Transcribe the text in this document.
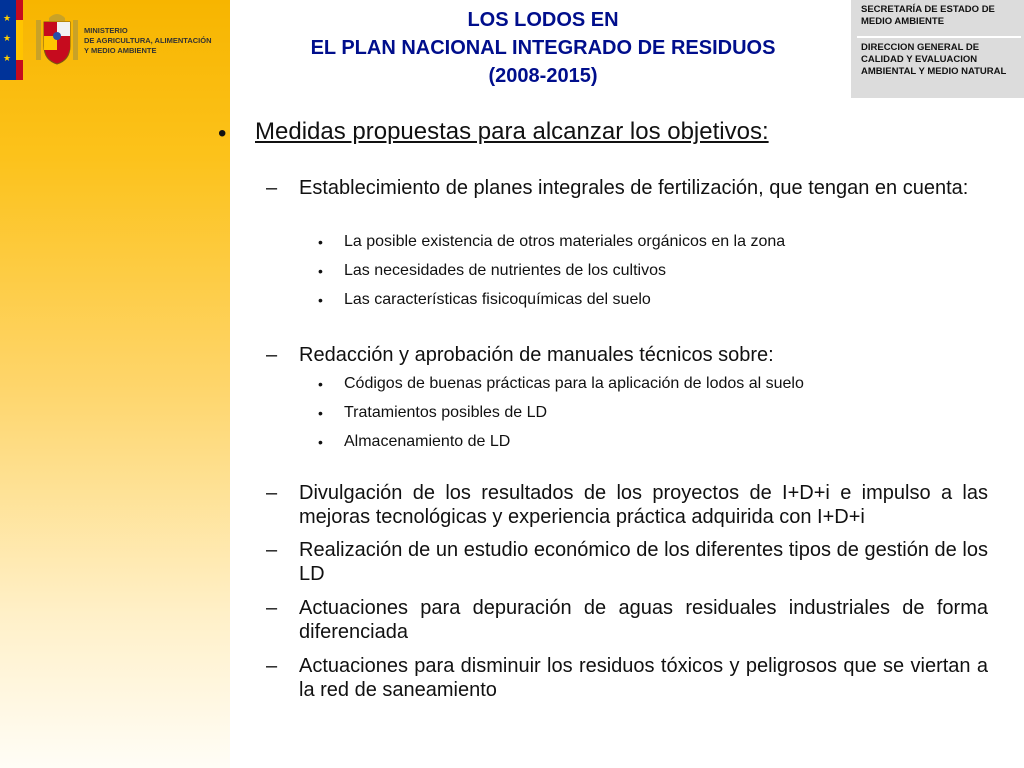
★
★
★
MINISTERIO
DE AGRICULTURA, ALIMENTACIÓN
Y MEDIO AMBIENTE
LOS LODOS EN
EL PLAN NACIONAL INTEGRADO DE RESIDUOS
(2008-2015)
SECRETARÍA DE ESTADO DE MEDIO AMBIENTE
DIRECCION GENERAL DE CALIDAD Y EVALUACION AMBIENTAL Y MEDIO NATURAL
• Medidas propuestas para alcanzar los objetivos:
– Establecimiento de planes integrales de fertilización, que tengan en cuenta:
• La posible existencia de otros materiales orgánicos en la zona
• Las necesidades de nutrientes de los cultivos
• Las características fisicoquímicas del suelo
– Redacción y aprobación de manuales técnicos sobre:
• Códigos de buenas prácticas para la aplicación de lodos al suelo
• Tratamientos posibles de LD
• Almacenamiento de LD
– Divulgación de los resultados de los proyectos de I+D+i e impulso a las mejoras tecnológicas y experiencia práctica adquirida con I+D+i
– Realización de un estudio económico de los diferentes tipos de gestión de los LD
– Actuaciones para depuración de aguas residuales industriales de forma diferenciada
– Actuaciones para disminuir los residuos tóxicos y peligrosos que se viertan a la red de saneamiento
